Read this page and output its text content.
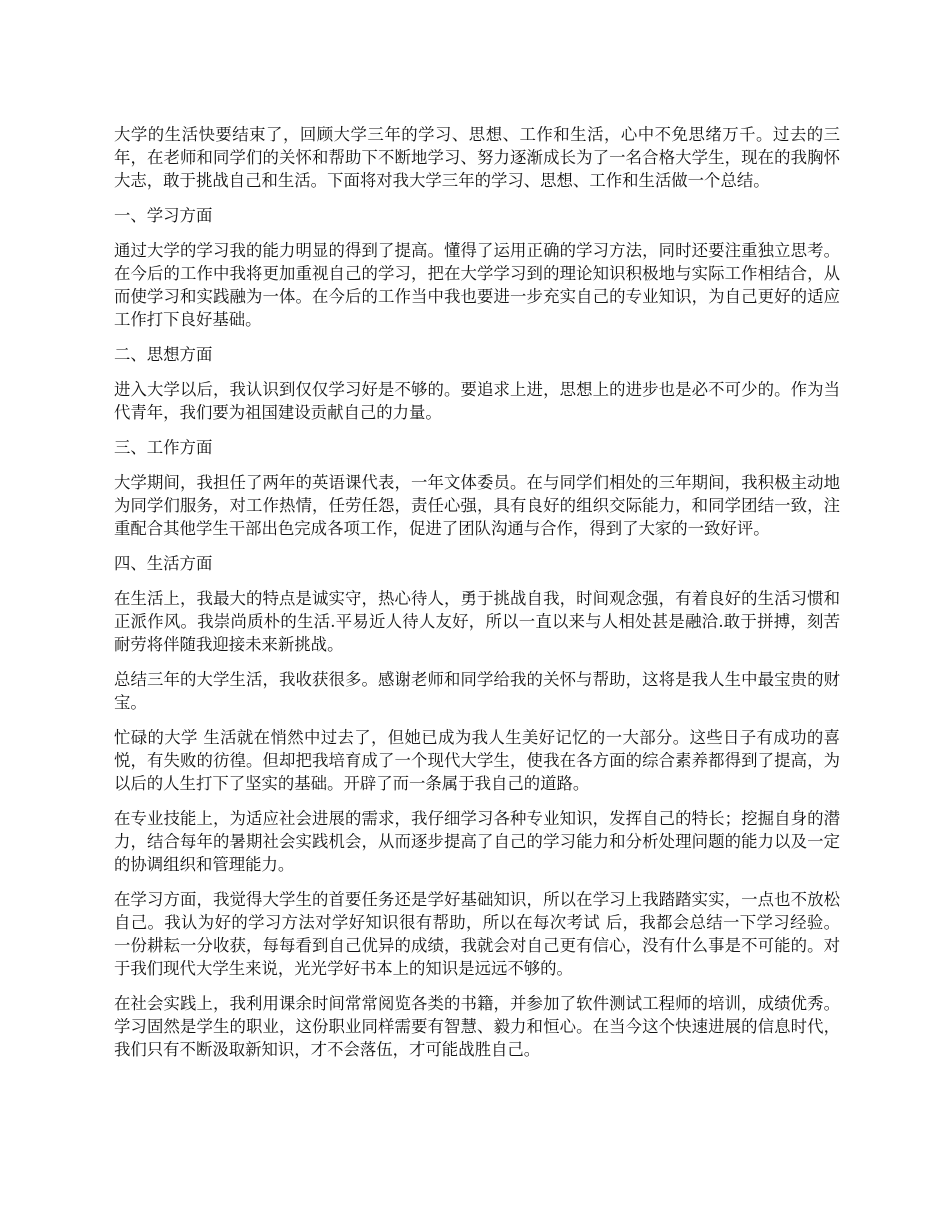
大学的生活快要结束了，回顾大学三年的学习、思想、工作和生活，心中不免思绪万千。过去的三年，在老师和同学们的关怀和帮助下不断地学习、努力逐渐成长为了一名合格大学生，现在的我胸怀大志，敢于挑战自己和生活。下面将对我大学三年的学习、思想、工作和生活做一个总结。

一、学习方面

通过大学的学习我的能力明显的得到了提高。懂得了运用正确的学习方法，同时还要注重独立思考。在今后的工作中我将更加重视自己的学习，把在大学学习到的理论知识积极地与实际工作相结合，从而使学习和实践融为一体。在今后的工作当中我也要进一步充实自己的专业知识，为自己更好的适应工作打下良好基础。

二、思想方面

进入大学以后，我认识到仅仅学习好是不够的。要追求上进，思想上的进步也是必不可少的。作为当代青年，我们要为祖国建设贡献自己的力量。

三、工作方面

大学期间，我担任了两年的英语课代表，一年文体委员。在与同学们相处的三年期间，我积极主动地为同学们服务，对工作热情，任劳任怨，责任心强，具有良好的组织交际能力，和同学团结一致，注重配合其他学生干部出色完成各项工作，促进了团队沟通与合作，得到了大家的一致好评。

四、生活方面

在生活上，我最大的特点是诚实守，热心待人，勇于挑战自我，时间观念强，有着良好的生活习惯和正派作风。我崇尚质朴的生活.平易近人待人友好，所以一直以来与人相处甚是融洽.敢于拼搏，刻苦耐劳将伴随我迎接未来新挑战。

总结三年的大学生活，我收获很多。感谢老师和同学给我的关怀与帮助，这将是我人生中最宝贵的财宝。

忙碌的大学 生活就在悄然中过去了，但她已成为我人生美好记忆的一大部分。这些日子有成功的喜悦，有失败的彷徨。但却把我培育成了一个现代大学生，使我在各方面的综合素养都得到了提高，为以后的人生打下了坚实的基础。开辟了而一条属于我自己的道路。

在专业技能上，为适应社会进展的需求，我仔细学习各种专业知识，发挥自己的特长；挖掘自身的潜力，结合每年的暑期社会实践机会，从而逐步提高了自己的学习能力和分析处理问题的能力以及一定的协调组织和管理能力。

在学习方面，我觉得大学生的首要任务还是学好基础知识，所以在学习上我踏踏实实，一点也不放松自己。我认为好的学习方法对学好知识很有帮助，所以在每次考试 后，我都会总结一下学习经验。一份耕耘一分收获，每每看到自己优异的成绩，我就会对自己更有信心，没有什么事是不可能的。对于我们现代大学生来说，光光学好书本上的知识是远远不够的。

在社会实践上，我利用课余时间常常阅览各类的书籍，并参加了软件测试工程师的培训，成绩优秀。学习固然是学生的职业，这份职业同样需要有智慧、毅力和恒心。在当今这个快速进展的信息时代，我们只有不断汲取新知识，才不会落伍，才可能战胜自己。
